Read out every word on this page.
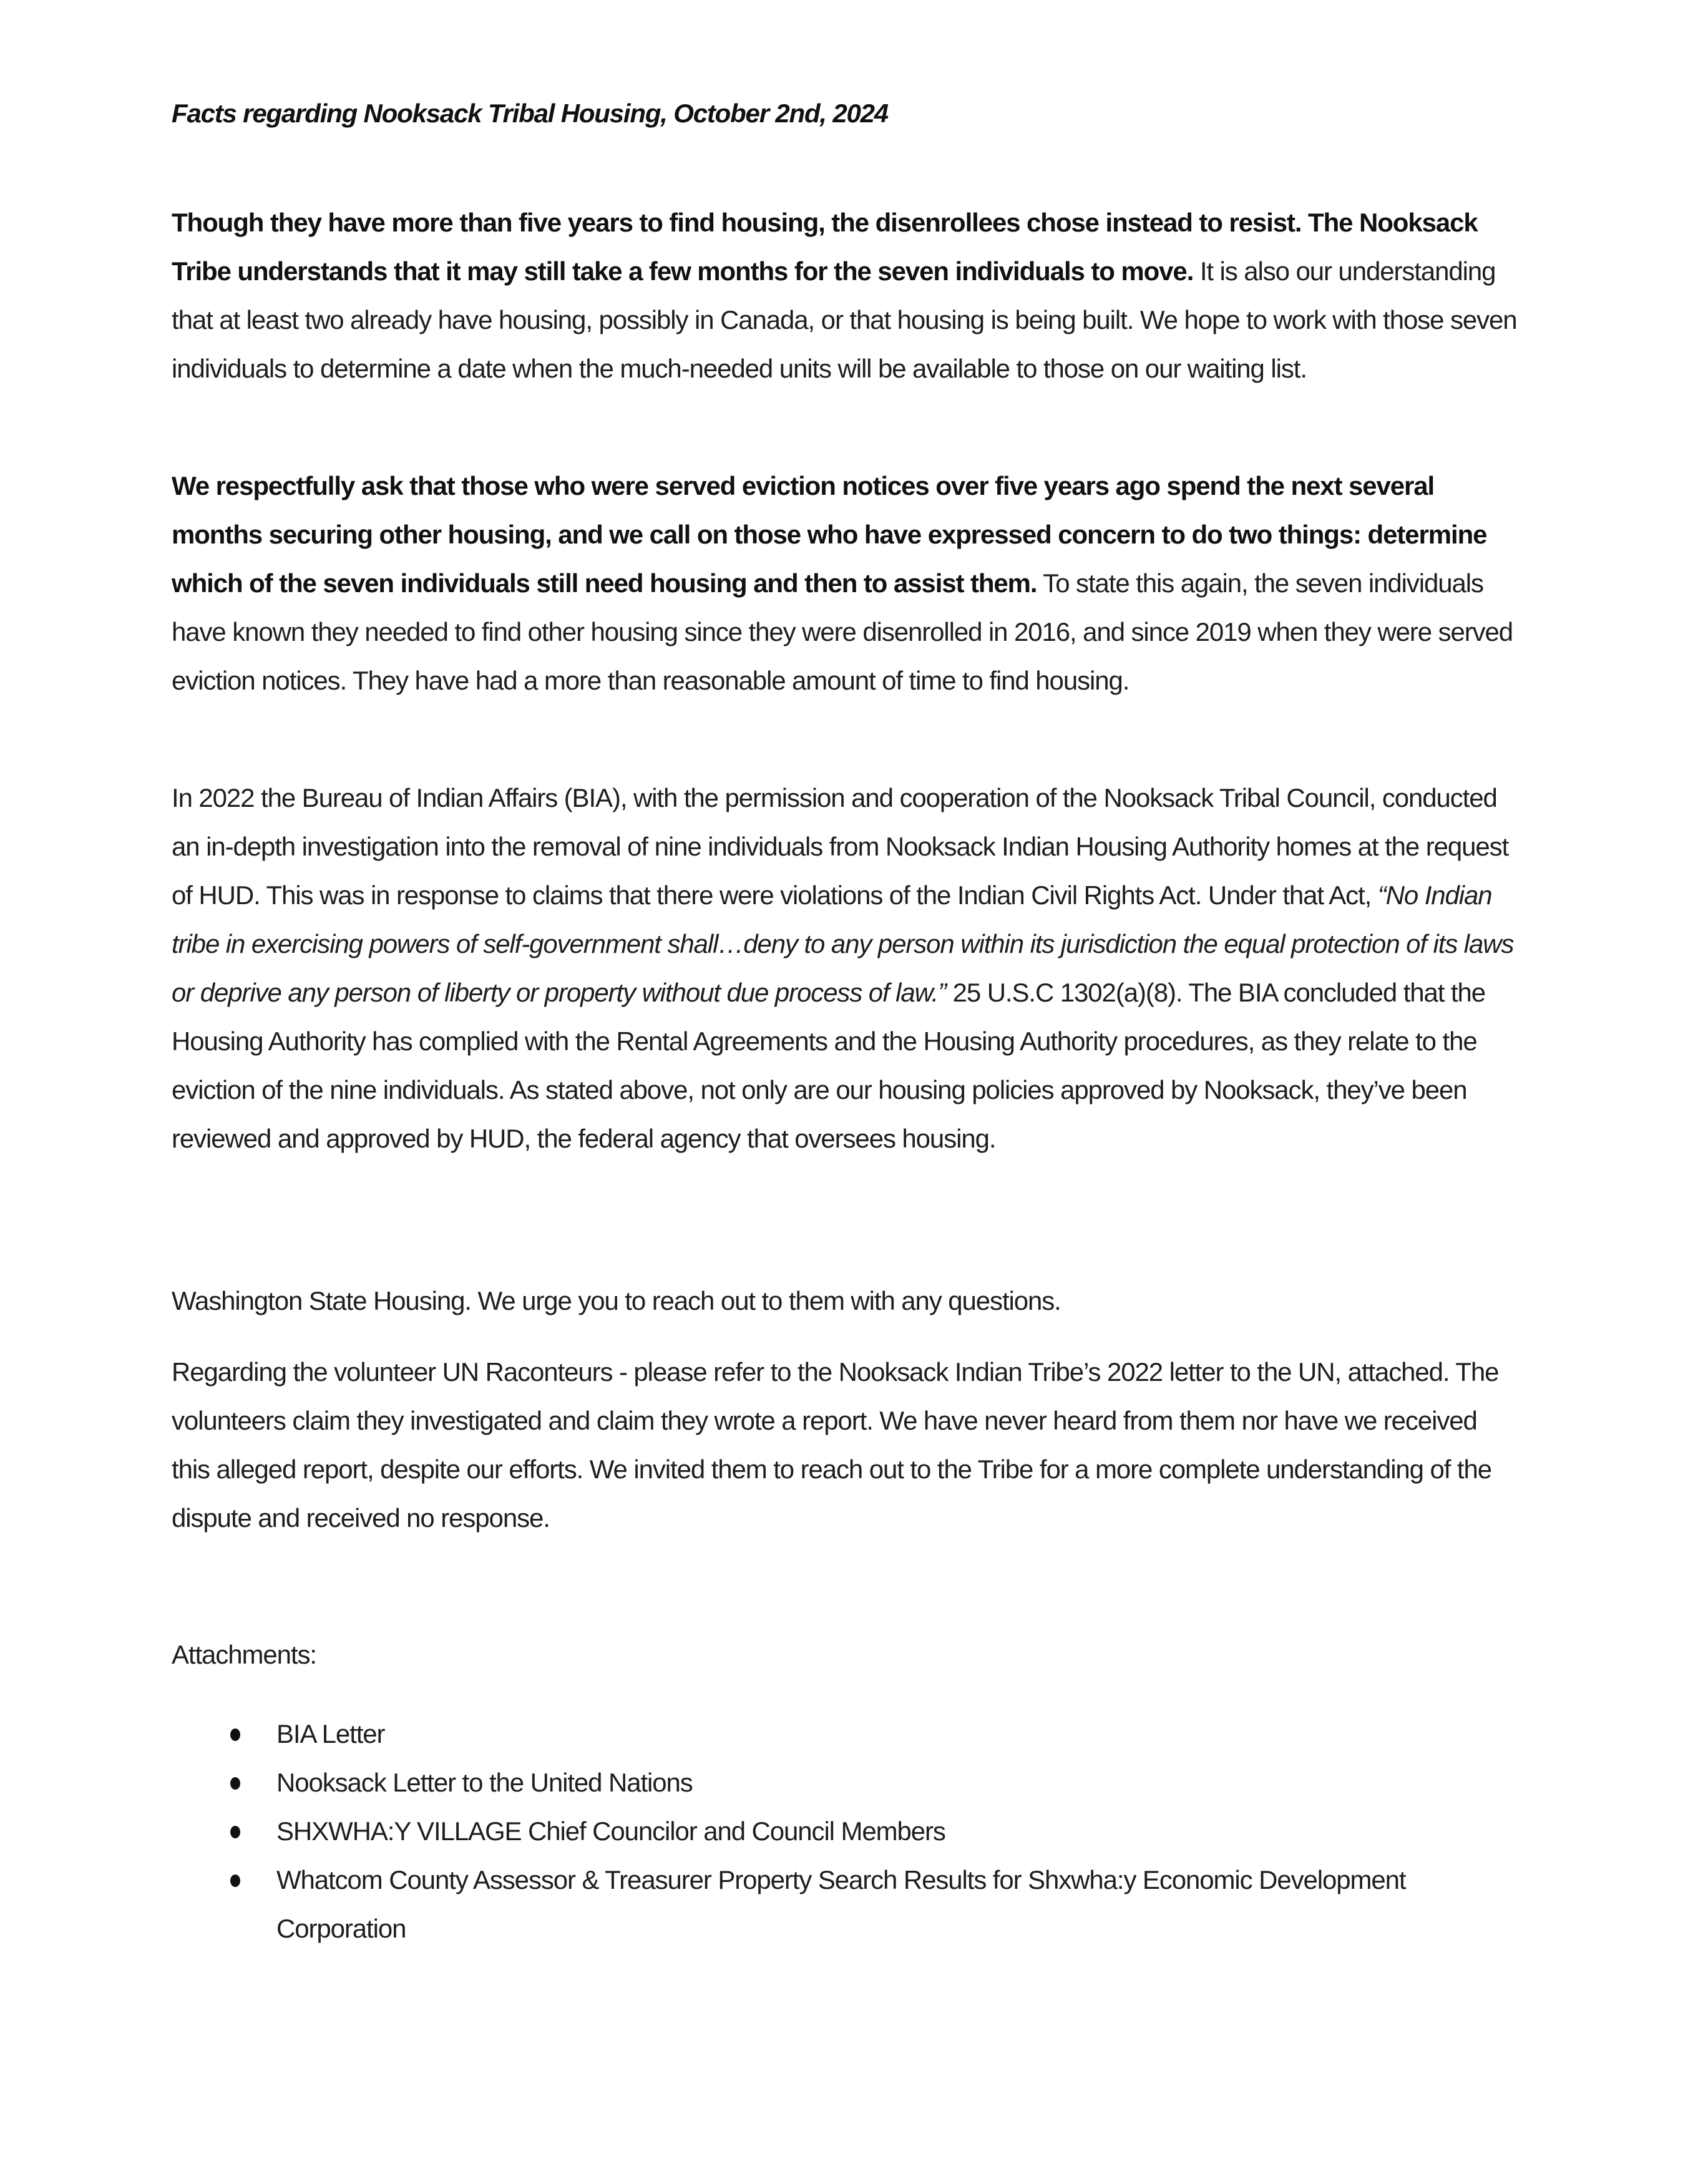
Facts regarding Nooksack Tribal Housing, October 2nd, 2024

Though they have more than five years to find housing, the disenrollees chose instead to resist. The Nooksack Tribe understands that it may still take a few months for the seven individuals to move. It is also our understanding that at least two already have housing, possibly in Canada, or that housing is being built. We hope to work with those seven individuals to determine a date when the much-needed units will be available to those on our waiting list.

We respectfully ask that those who were served eviction notices over five years ago spend the next several months securing other housing, and we call on those who have expressed concern to do two things: determine which of the seven individuals still need housing and then to assist them. To state this again, the seven individuals have known they needed to find other housing since they were disenrolled in 2016, and since 2019 when they were served eviction notices. They have had a more than reasonable amount of time to find housing.

In 2022 the Bureau of Indian Affairs (BIA), with the permission and cooperation of the Nooksack Tribal Council, conducted an in-depth investigation into the removal of nine individuals from Nooksack Indian Housing Authority homes at the request of HUD. This was in response to claims that there were violations of the Indian Civil Rights Act. Under that Act, “No Indian tribe in exercising powers of self-government shall…deny to any person within its jurisdiction the equal protection of its laws or deprive any person of liberty or property without due process of law.” 25 U.S.C 1302(a)(8). The BIA concluded that the Housing Authority has complied with the Rental Agreements and the Housing Authority procedures, as they relate to the eviction of the nine individuals. As stated above, not only are our housing policies approved by Nooksack, they’ve been reviewed and approved by HUD, the federal agency that oversees housing.

Washington State Housing. We urge you to reach out to them with any questions.

Regarding the volunteer UN Raconteurs - please refer to the Nooksack Indian Tribe’s 2022 letter to the UN, attached. The volunteers claim they investigated and claim they wrote a report. We have never heard from them nor have we received this alleged report, despite our efforts. We invited them to reach out to the Tribe for a more complete understanding of the dispute and received no response.

Attachments:
BIA Letter
Nooksack Letter to the United Nations
SHXWHA:Y VILLAGE Chief Councilor and Council Members
Whatcom County Assessor & Treasurer Property Search Results for Shxwha:y Economic Development Corporation
